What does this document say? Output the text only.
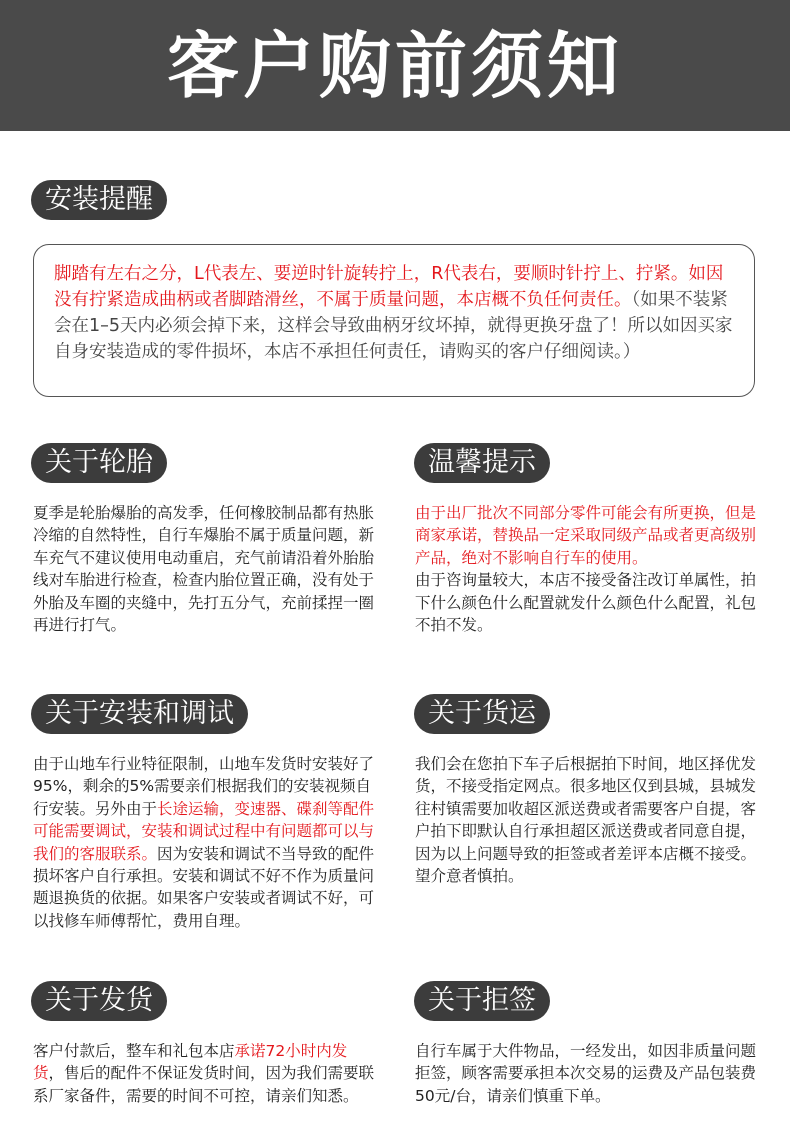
客户购前须知
安装提醒
脚踏有左右之分，L代表左、要逆时针旋转拧上，R代表右，要顺时针拧上、拧紧。如因没有拧紧造成曲柄或者脚踏滑丝，不属于质量问题，本店概不负任何责任。（如果不装紧会在1–5天内必须会掉下来，这样会导致曲柄牙纹坏掉，就得更换牙盘了！所以如因买家自身安装造成的零件损坏，本店不承担任何责任，请购买的客户仔细阅读。）
关于轮胎
夏季是轮胎爆胎的高发季，任何橡胶制品都有热胀冷缩的自然特性，自行车爆胎不属于质量问题，新车充气不建议使用电动重启，充气前请沿着外胎胎线对车胎进行检查，检查内胎位置正确，没有处于外胎及车圈的夹缝中，先打五分气，充前揉捏一圈再进行打气。
温馨提示
由于出厂批次不同部分零件可能会有所更换，但是商家承诺，替换品一定采取同级产品或者更高级别产品，绝对不影响自行车的使用。
由于咨询量较大，本店不接受备注改订单属性，拍下什么颜色什么配置就发什么颜色什么配置，礼包不拍不发。
关于安装和调试
由于山地车行业特征限制，山地车发货时安装好了95%，剩余的5%需要亲们根据我们的安装视频自行安装。另外由于长途运输，变速器、碟刹等配件可能需要调试，安装和调试过程中有问题都可以与我们的客服联系。因为安装和调试不当导致的配件损坏客户自行承担。安装和调试不好不作为质量问题退换货的依据。如果客户安装或者调试不好，可以找修车师傅帮忙，费用自理。
关于货运
我们会在您拍下车子后根据拍下时间，地区择优发货，不接受指定网点。很多地区仅到县城，县城发往村镇需要加收超区派送费或者需要客户自提，客户拍下即默认自行承担超区派送费或者同意自提，因为以上问题导致的拒签或者差评本店概不接受。望介意者慎拍。
关于发货
客户付款后，整车和礼包本店承诺72小时内发货，售后的配件不保证发货时间，因为我们需要联系厂家备件，需要的时间不可控，请亲们知悉。
关于拒签
自行车属于大件物品，一经发出，如因非质量问题拒签，顾客需要承担本次交易的运费及产品包装费50元/台，请亲们慎重下单。
